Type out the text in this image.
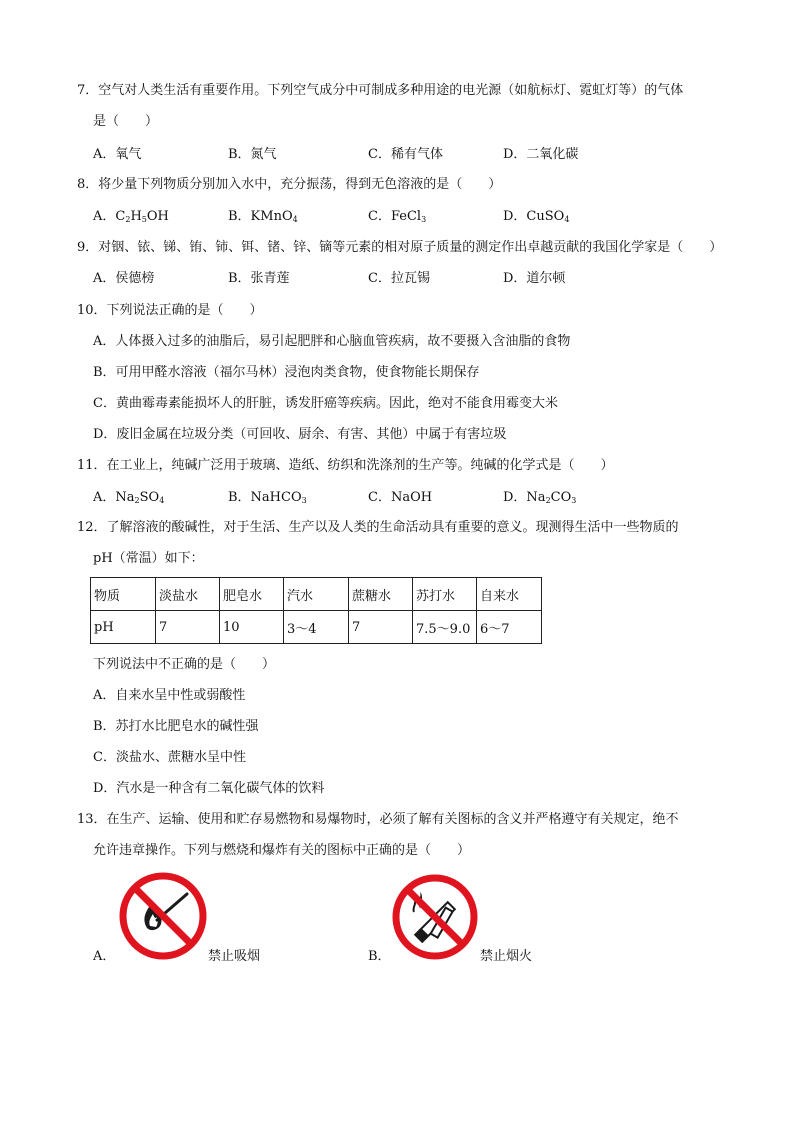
7．空气对人类生活有重要作用。下列空气成分中可制成多种用途的电光源（如航标灯、霓虹灯等）的气体
是（　　）
A．氧气	B．氮气	C．稀有气体	D．二氧化碳
8．将少量下列物质分别加入水中，充分振荡，得到无色溶液的是（　　）
A．$C_2H_5OH$	B．KMnO$_4$	C．FeCl$_3$	D．CuSO$_4$
9．对铟、铱、锑、铕、铈、铒、锗、锌、镝等元素的相对原子质量的测定作出卓越贡献的我国化学家是（　　）
A．侯德榜	B．张青莲	C．拉瓦锡	D．道尔顿
10．下列说法正确的是（　　）
A．人体摄入过多的油脂后，易引起肥胖和心脑血管疾病，故不要摄入含油脂的食物
B．可用甲醛水溶液（福尔马林）浸泡肉类食物，使食物能长期保存
C．黄曲霉毒素能损坏人的肝脏，诱发肝癌等疾病。因此，绝对不能食用霉变大米
D．废旧金属在垃圾分类（可回收、厨余、有害、其他）中属于有害垃圾
11．在工业上，纯碱广泛用于玻璃、造纸、纺织和洗涤剂的生产等。纯碱的化学式是（　　）
A．$Na_2SO_4$	B．NaHCO$_3$	C．NaOH	D．$Na_2CO_3$
12．了解溶液的酸碱性，对于生活、生产以及人类的生命活动具有重要的意义。现测得生活中一些物质的
pH（常温）如下：
物质	淡盐水	肥皂水	汽水	蔗糖水	苏打水	自来水
pH	7	10	3～4	7	7.5～9.0	6～7
下列说法中不正确的是（　　）
A．自来水呈中性或弱酸性
B．苏打水比肥皂水的碱性强
C．淡盐水、蔗糖水呈中性
D．汽水是一种含有二氧化碳气体的饮料
13．在生产、运输、使用和贮存易燃物和易爆物时，必须了解有关图标的含义并严格遵守有关规定，绝不
允许违章操作。下列与燃烧和爆炸有关的图标中正确的是（　　）
A．	禁止吸烟	B．	禁止烟火
